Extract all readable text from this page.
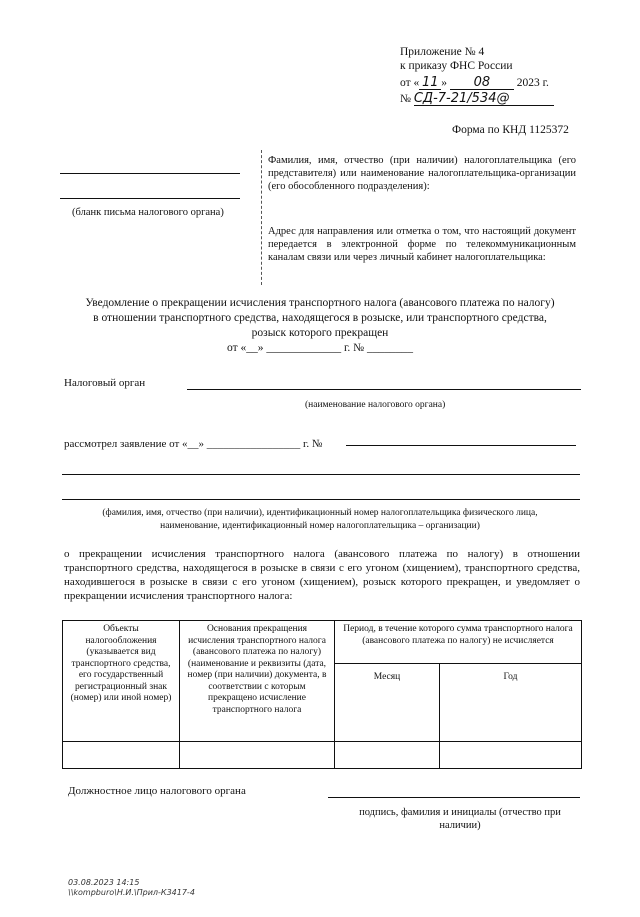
Приложение № 4
к приказу ФНС России
от « 11 » 08 2023 г.
№ СД-7-21/534@
Форма по КНД 1125372
(бланк письма налогового органа)
Фамилия, имя, отчество (при наличии) налогоплательщика (его представителя) или наименование налогоплательщика-организации (его обособленного подразделения):
Адрес для направления или отметка о том, что настоящий документ передается в электронной форме по телекоммуникационным каналам связи или через личный кабинет налогоплательщика:
Уведомление о прекращении исчисления транспортного налога (авансового платежа по налогу)
в отношении транспортного средства, находящегося в розыске, или транспортного средства,
розыск которого прекращен
от «__» _____________ г. № ________
Налоговый орган
(наименование налогового органа)
рассмотрел заявление от «__» _________________ г. №
(фамилия, имя, отчество (при наличии), идентификационный номер налогоплательщика физического лица,
наименование, идентификационный номер налогоплательщика – организации)
о прекращении исчисления транспортного налога (авансового платежа по налогу) в отношении транспортного средства, находящегося в розыске в связи с его угоном (хищением), транспортного средства, находившегося в розыске в связи с его угоном (хищением), розыск которого прекращен, и уведомляет о прекращении исчисления транспортного налога:
Объекты налогообложения (указывается вид транспортного средства, его государственный регистрационный знак (номер) или иной номер)	Основания прекращения исчисления транспортного налога (авансового платежа по налогу) (наименование и реквизиты (дата, номер (при наличии) документа, в соответствии с которым прекращено исчисление транспортного налога	Период, в течение которого сумма транспортного налога (авансового платежа по налогу) не исчисляется	
		Месяц	Год

Должностное лицо налогового органа
подпись, фамилия и инициалы (отчество при наличии)
03.08.2023 14:15
\\kompburo\Н.И.\Прил-К3417-4
